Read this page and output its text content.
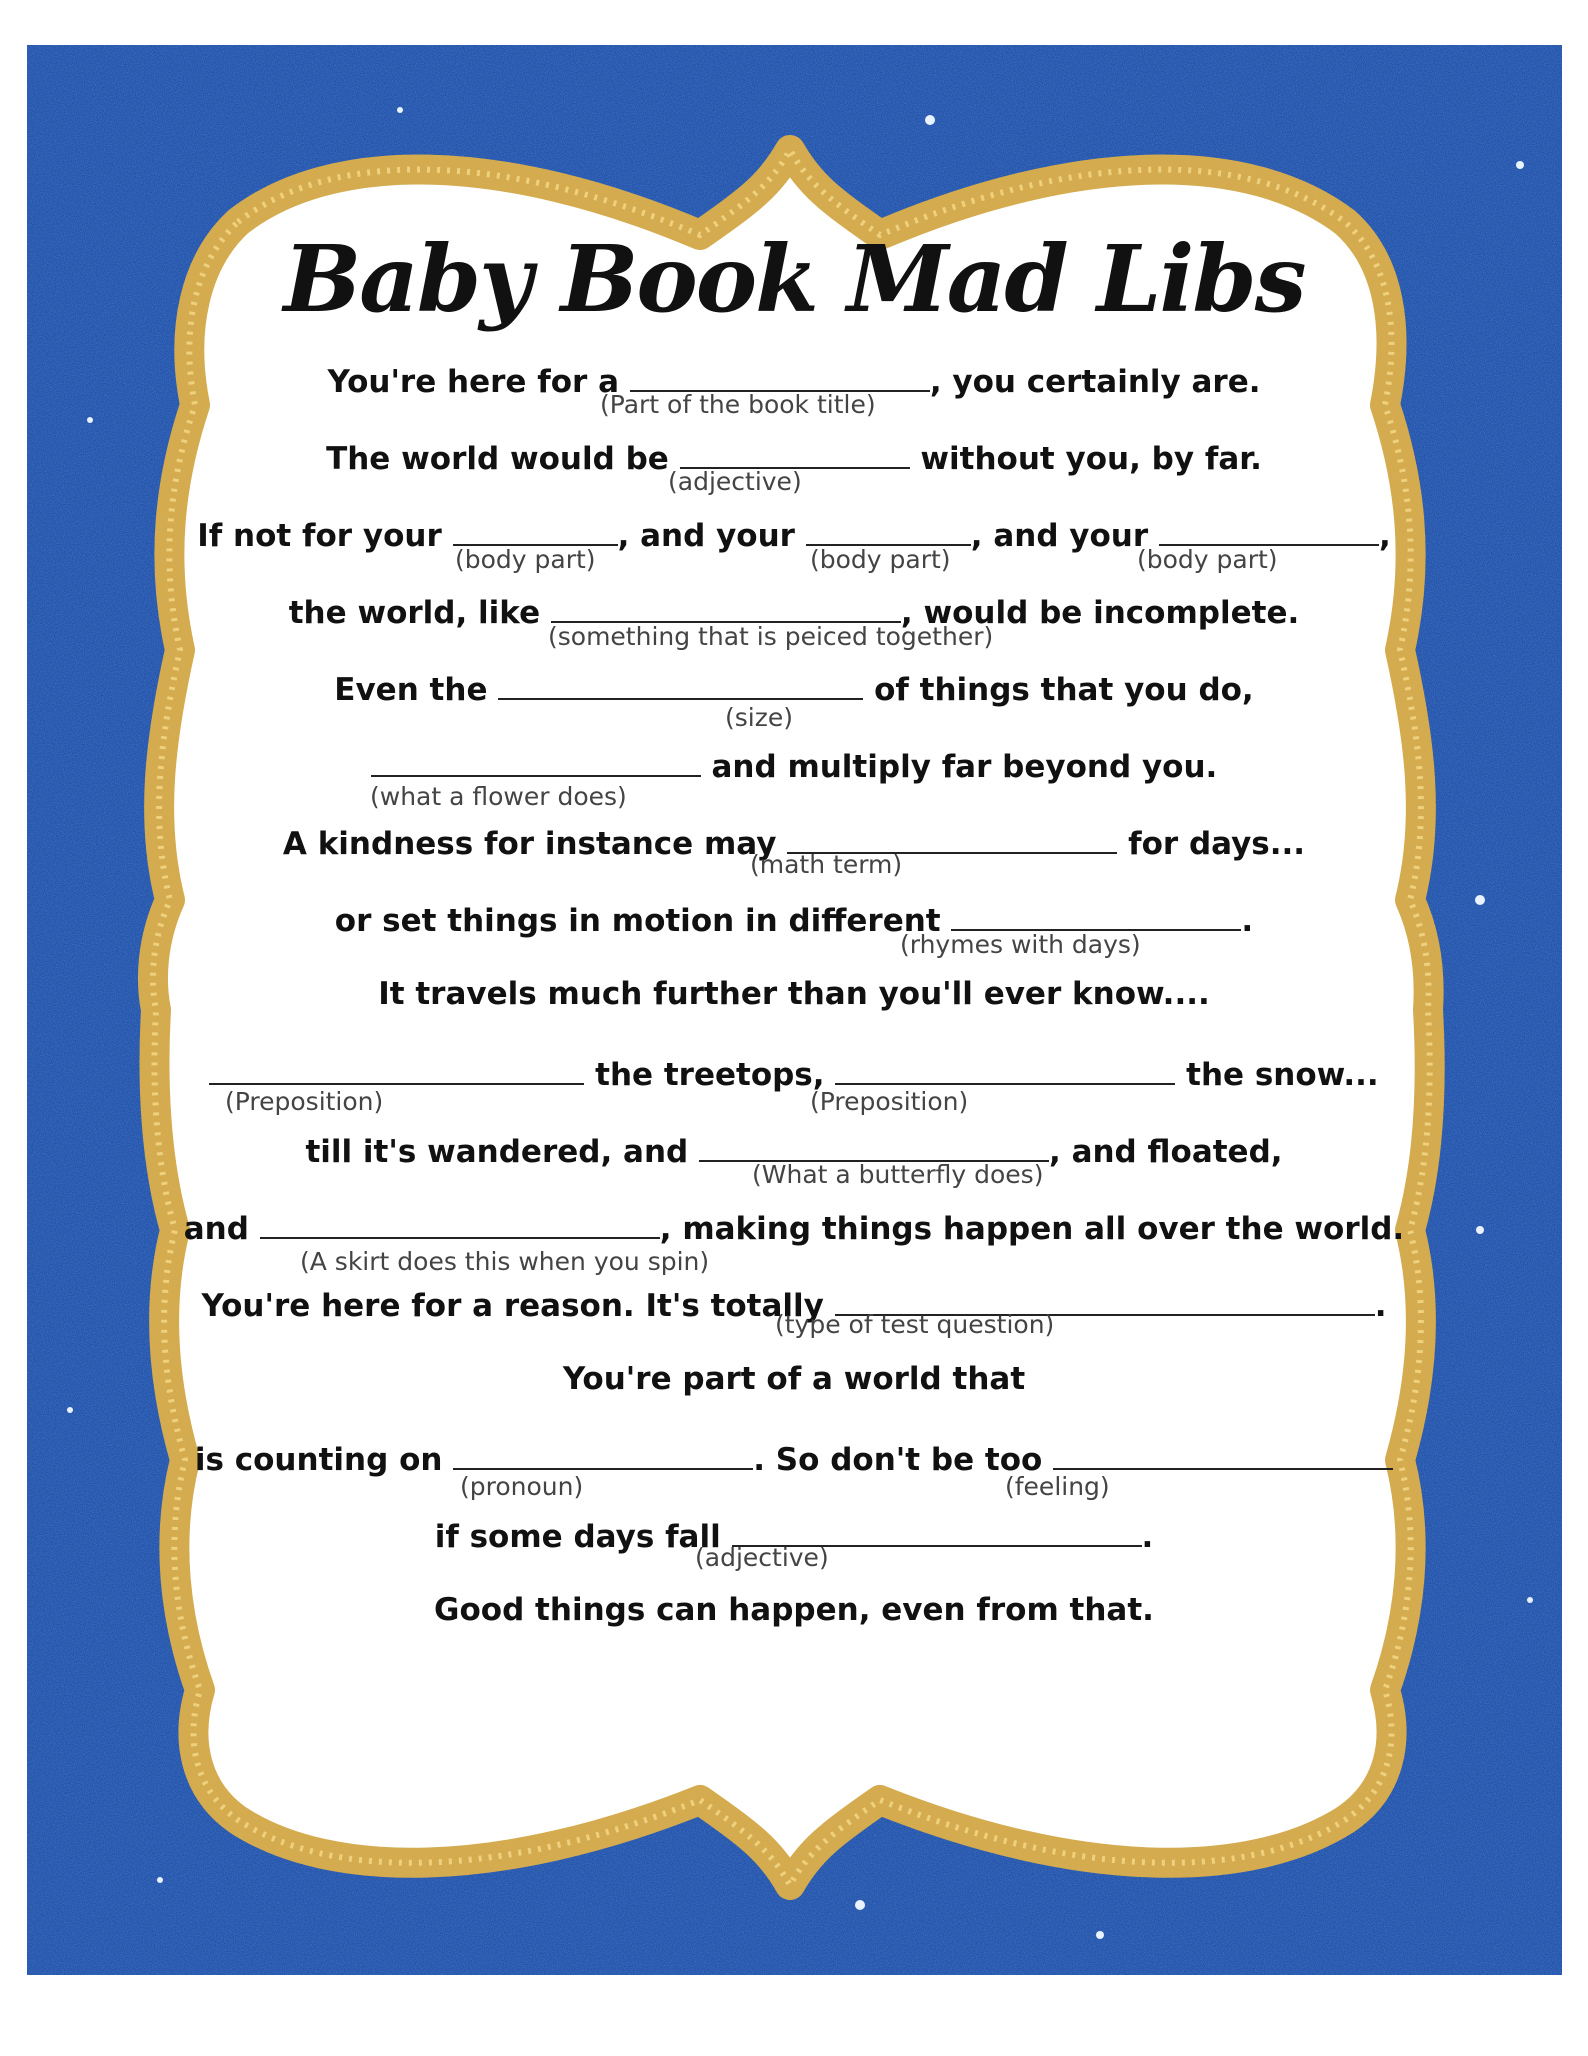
Baby Book Mad Libs
You're here for a	, you certainly are.
(Part of the book title)
The world would be	without you, by far.
(adjective)
If not for your	, and your	, and your	,
(body part)	(body part)	(body part)
the world, like	, would be incomplete.
(something that is peiced together)
Even the	of things that you do,
(size)
and multiply far beyond you.
(what a flower does)
A kindness for instance may	for days...
(math term)
or set things in motion in different	.
(rhymes with days)
It travels much further than you'll ever know....
the treetops,	the snow...
(Preposition)	(Preposition)
till it's wandered, and	, and floated,
(What a butterfly does)
and	, making things happen all over the world.
(A skirt does this when you spin)
You're here for a reason. It's totally	.
(type of test question)
You're part of a world that
is counting on	. So don't be too
(pronoun)	(feeling)
if some days fall	.
(adjective)
Good things can happen, even from that.
